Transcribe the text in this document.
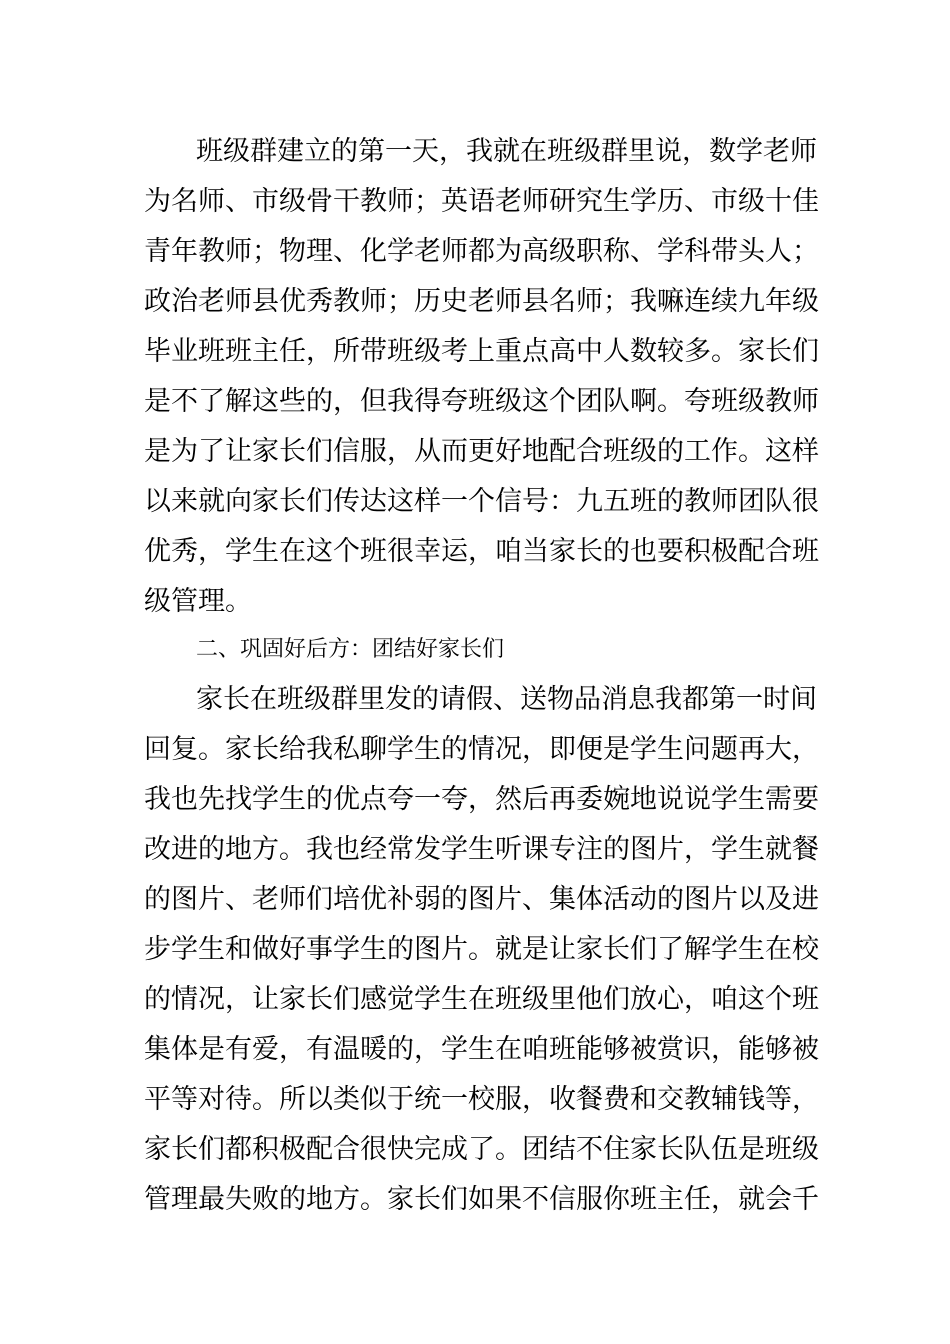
班级群建立的第一天，我就在班级群里说，数学老师
为名师、市级骨干教师；英语老师研究生学历、市级十佳
青年教师；物理、化学老师都为高级职称、学科带头人；
政治老师县优秀教师；历史老师县名师；我嘛连续九年级
毕业班班主任，所带班级考上重点高中人数较多。家长们
是不了解这些的，但我得夸班级这个团队啊。夸班级教师
是为了让家长们信服，从而更好地配合班级的工作。这样
以来就向家长们传达这样一个信号：九五班的教师团队很
优秀，学生在这个班很幸运，咱当家长的也要积极配合班
级管理。
二、巩固好后方：团结好家长们
家长在班级群里发的请假、送物品消息我都第一时间
回复。家长给我私聊学生的情况，即便是学生问题再大，
我也先找学生的优点夸一夸，然后再委婉地说说学生需要
改进的地方。我也经常发学生听课专注的图片，学生就餐
的图片、老师们培优补弱的图片、集体活动的图片以及进
步学生和做好事学生的图片。就是让家长们了解学生在校
的情况，让家长们感觉学生在班级里他们放心，咱这个班
集体是有爱，有温暖的，学生在咱班能够被赏识，能够被
平等对待。所以类似于统一校服，收餐费和交教辅钱等，
家长们都积极配合很快完成了。团结不住家长队伍是班级
管理最失败的地方。家长们如果不信服你班主任，就会千
